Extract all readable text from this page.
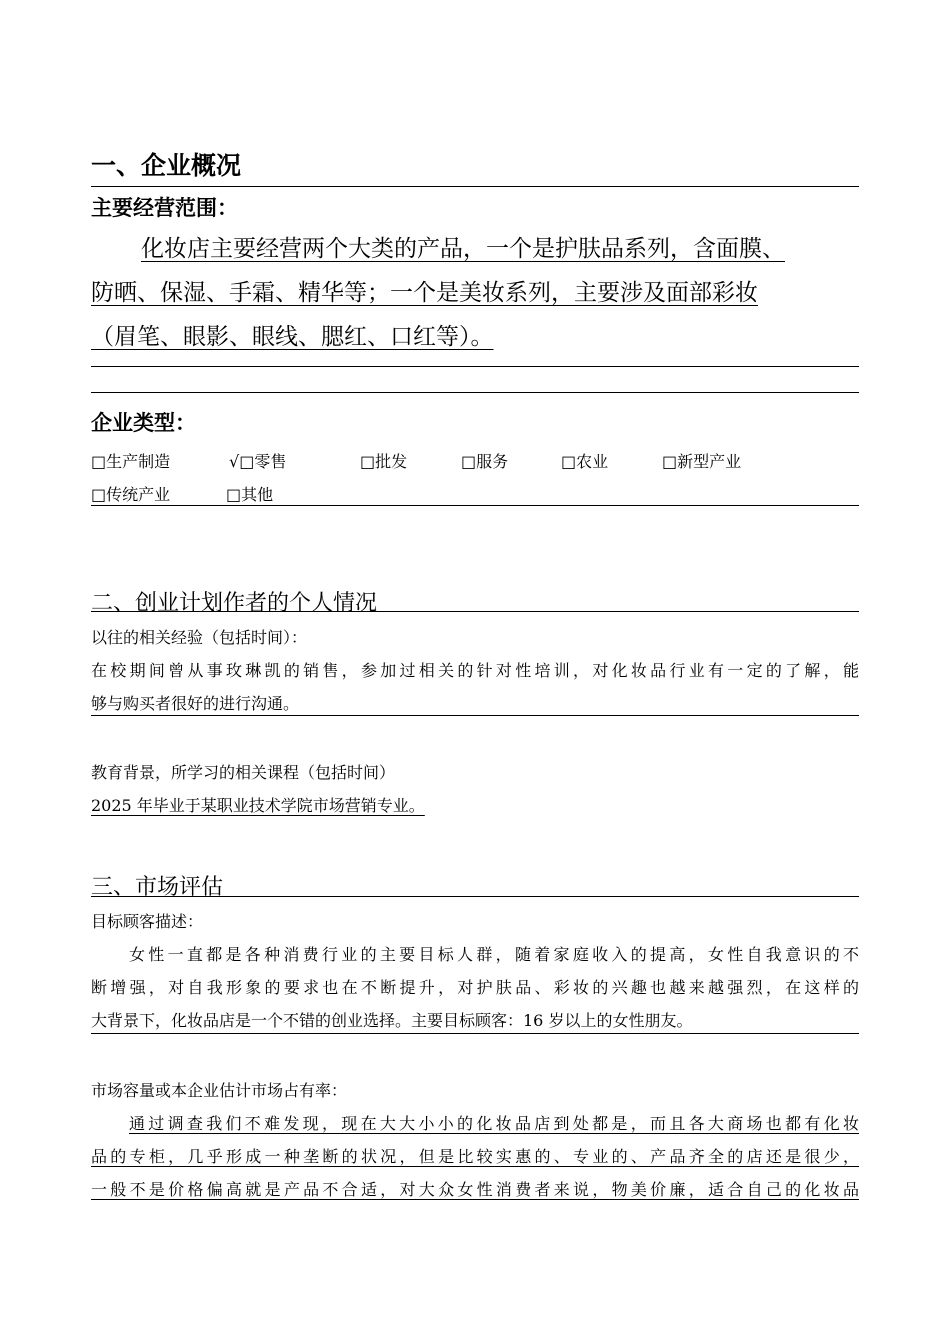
一、企业概况
主要经营范围：
化妆店主要经营两个大类的产品，一个是护肤品系列，含面膜、
防晒、保湿、手霜、精华等；一个是美妆系列，主要涉及面部彩妆
（眉笔、眼影、眼线、腮红、口红等）。
企业类型：
□生产制造	√□零售	□批发	□服务	□农业	□新型产业
□传统产业	□其他
二、创业计划作者的个人情况
以往的相关经验（包括时间）：
在校期间曾从事玫琳凯的销售，参加过相关的针对性培训，对化妆品行业有一定的了解，能
够与购买者很好的进行沟通。
教育背景，所学习的相关课程（包括时间）
2025 年毕业于某职业技术学院市场营销专业。
三、市场评估
目标顾客描述：
女性一直都是各种消费行业的主要目标人群，随着家庭收入的提高，女性自我意识的不
断增强，对自我形象的要求也在不断提升，对护肤品、彩妆的兴趣也越来越强烈，在这样的
大背景下，化妆品店是一个不错的创业选择。主要目标顾客：16 岁以上的女性朋友。
市场容量或本企业估计市场占有率：
通过调查我们不难发现，现在大大小小的化妆品店到处都是，而且各大商场也都有化妆
品的专柜，几乎形成一种垄断的状况，但是比较实惠的、专业的、产品齐全的店还是很少，
一般不是价格偏高就是产品不合适，对大众女性消费者来说，物美价廉，适合自己的化妆品
